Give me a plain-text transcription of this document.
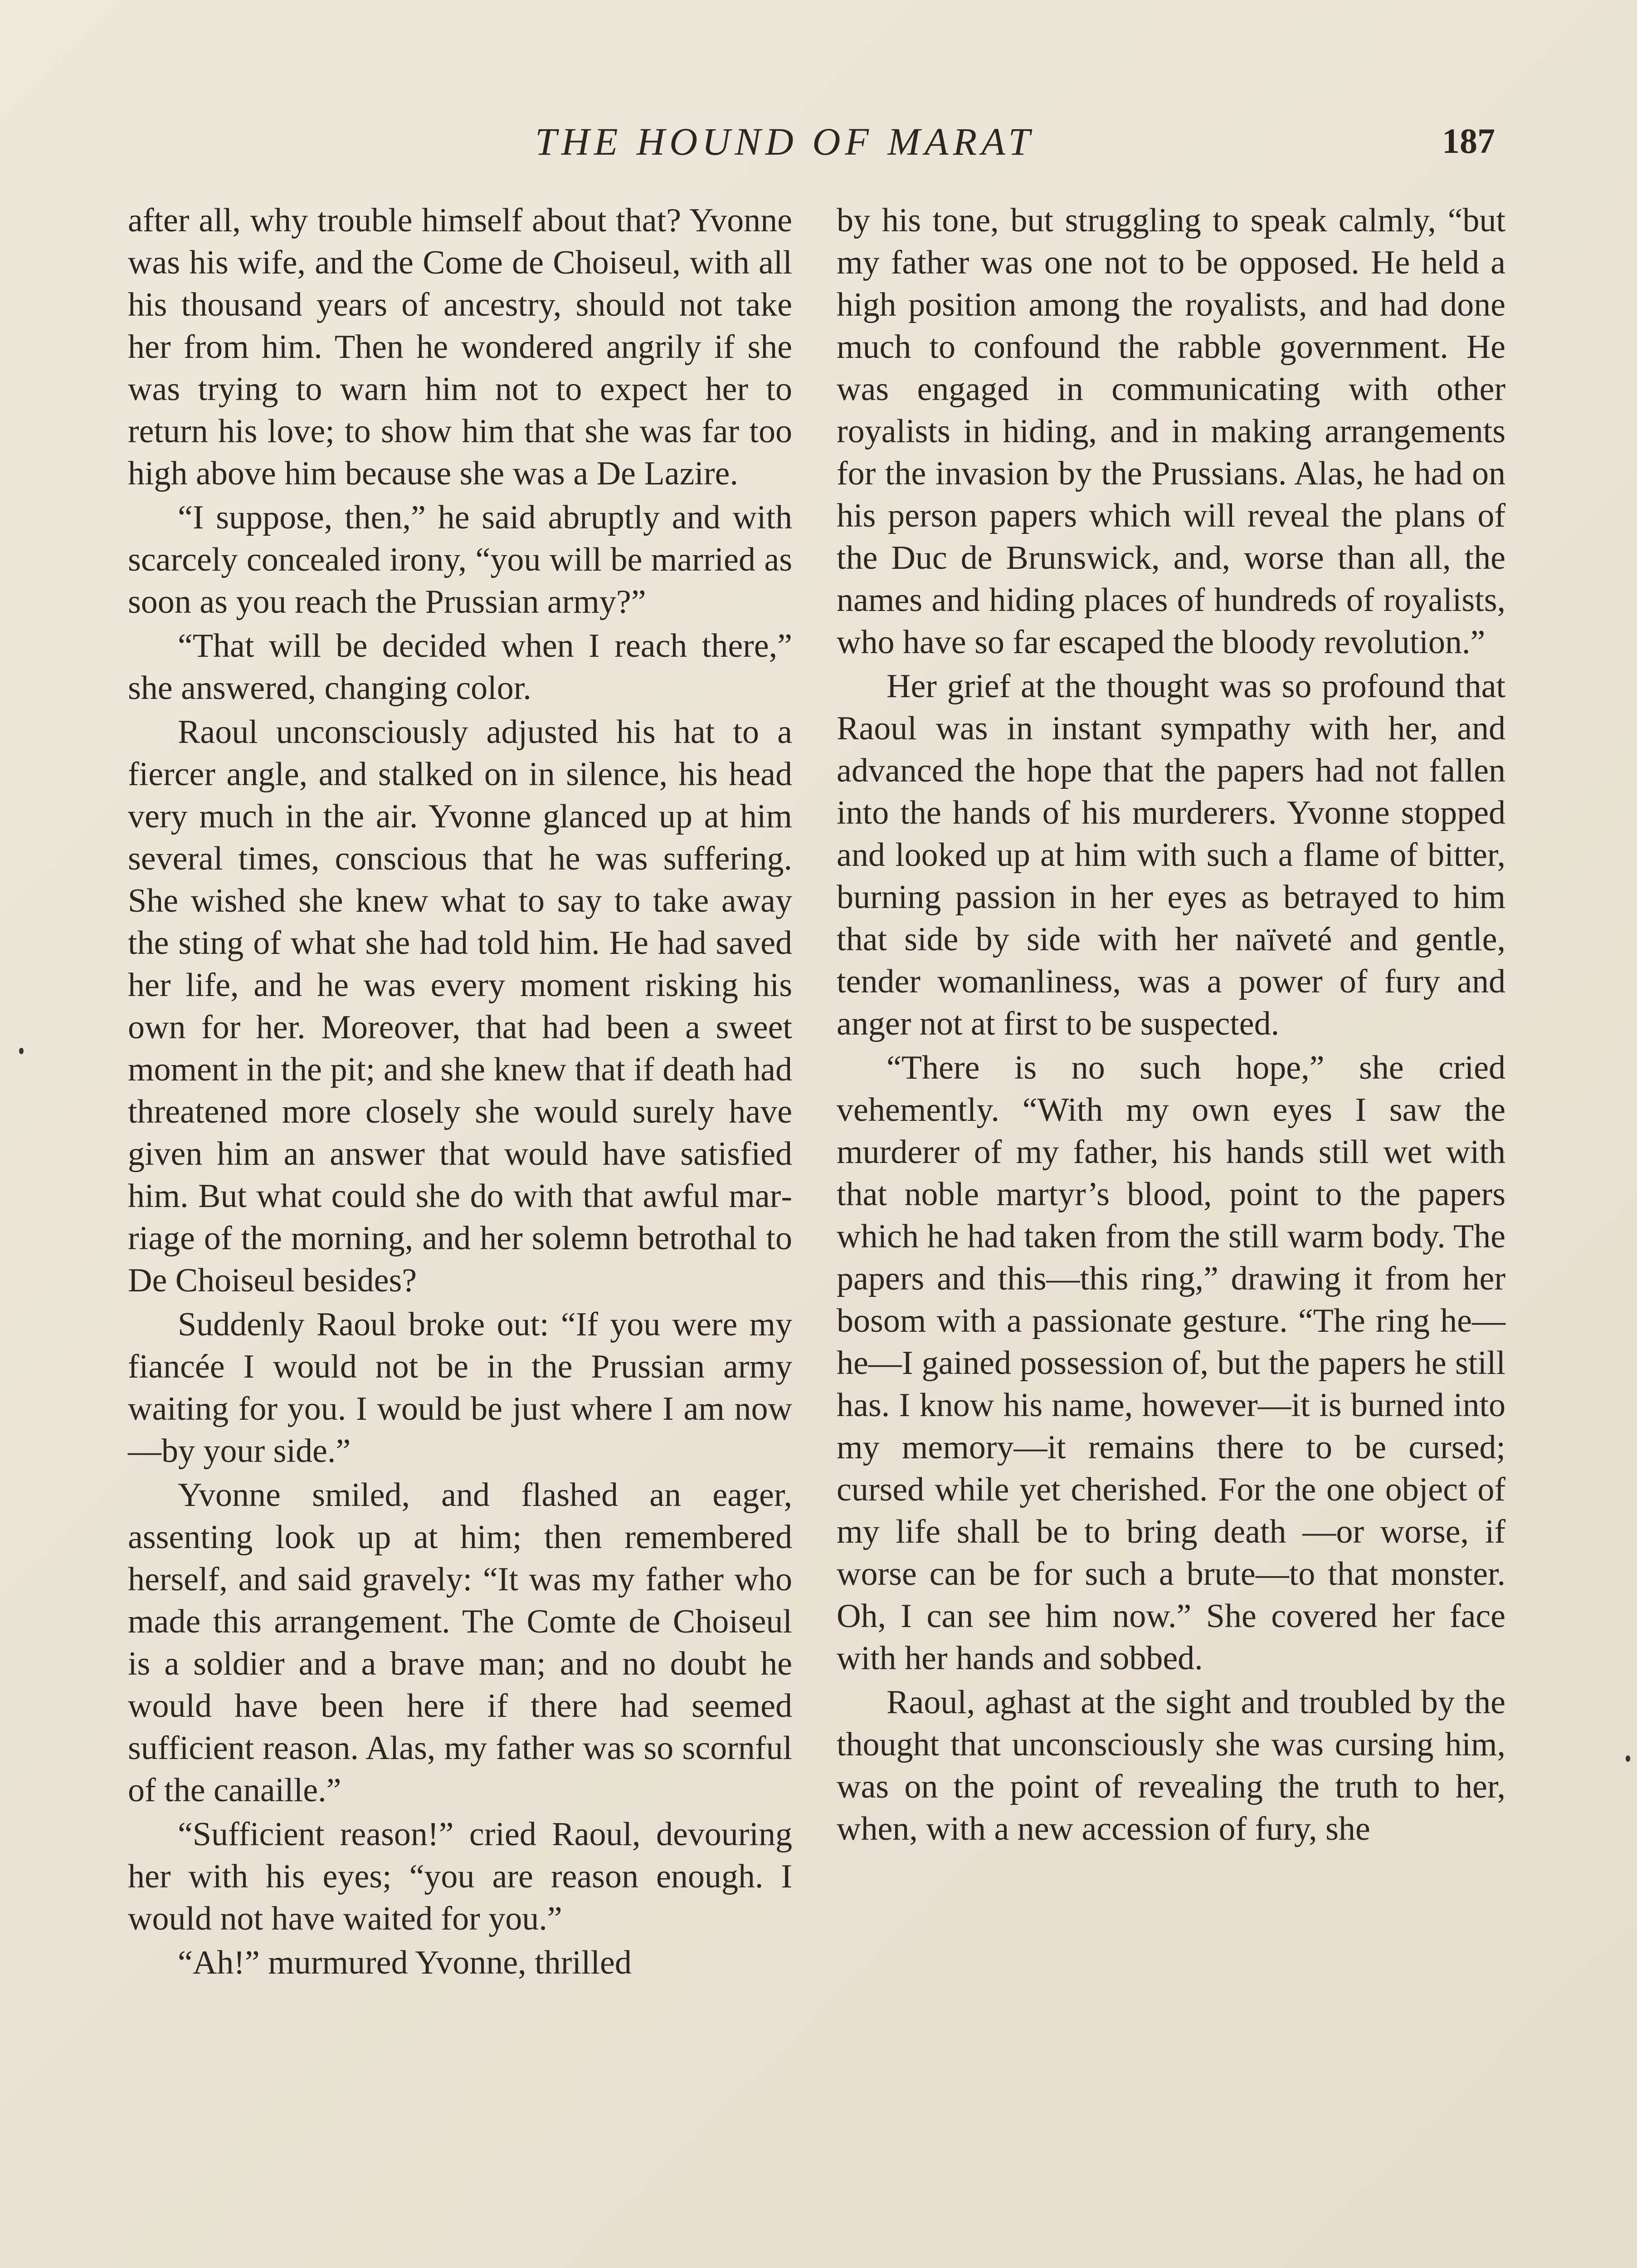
THE HOUND OF MARAT	187

after all, why trouble himself about that? Yvonne was his wife, and the Come de Choiseul, with all his thousand years of ancestry, should not take her from him. Then he wondered angrily if she was trying to warn him not to expect her to return his love; to show him that she was far too high above him because she was a De Lazire.

“I suppose, then,” he said abruptly and with scarcely concealed irony, “you will be married as soon as you reach the Prussian army?”

“That will be decided when I reach there,” she answered, changing color.

Raoul unconsciously adjusted his hat to a fiercer angle, and stalked on in silence, his head very much in the air. Yvonne glanced up at him several times, conscious that he was suffering. She wished she knew what to say to take away the sting of what she had told him. He had saved her life, and he was every moment risking his own for her. Moreover, that had been a sweet moment in the pit; and she knew that if death had threatened more closely she would surely have given him an answer that would have satisfied him. But what could she do with that awful marriage of the morning, and her solemn betrothal to De Choiseul besides?

Suddenly Raoul broke out: “If you were my fiancée I would not be in the Prussian army waiting for you. I would be just where I am now—by your side.”

Yvonne smiled, and flashed an eager, assenting look up at him; then remembered herself, and said gravely: “It was my father who made this arrangement. The Comte de Choiseul is a soldier and a brave man; and no doubt he would have been here if there had seemed sufficient reason. Alas, my father was so scornful of the canaille.”

“Sufficient reason!” cried Raoul, devouring her with his eyes; “you are reason enough. I would not have waited for you.”

“Ah!” murmured Yvonne, thrilled

by his tone, but struggling to speak calmly, “but my father was one not to be opposed. He held a high position among the royalists, and had done much to confound the rabble government. He was engaged in communicating with other royalists in hiding, and in making arrangements for the invasion by the Prussians. Alas, he had on his person papers which will reveal the plans of the Duc de Brunswick, and, worse than all, the names and hiding places of hundreds of royalists, who have so far escaped the bloody revolution.”

Her grief at the thought was so profound that Raoul was in instant sympathy with her, and advanced the hope that the papers had not fallen into the hands of his murderers. Yvonne stopped and looked up at him with such a flame of bitter, burning passion in her eyes as betrayed to him that side by side with her naïveté and gentle, tender womanliness, was a power of fury and anger not at first to be suspected.

“There is no such hope,” she cried vehemently. “With my own eyes I saw the murderer of my father, his hands still wet with that noble martyr’s blood, point to the papers which he had taken from the still warm body. The papers and this—this ring,” drawing it from her bosom with a passionate gesture. “The ring he—he—I gained possession of, but the papers he still has. I know his name, however—it is burned into my memory—it remains there to be cursed; cursed while yet cherished. For the one object of my life shall be to bring death —or worse, if worse can be for such a brute—to that monster. Oh, I can see him now.” She covered her face with her hands and sobbed.

Raoul, aghast at the sight and troubled by the thought that unconsciously she was cursing him, was on the point of revealing the truth to her, when, with a new accession of fury, she
